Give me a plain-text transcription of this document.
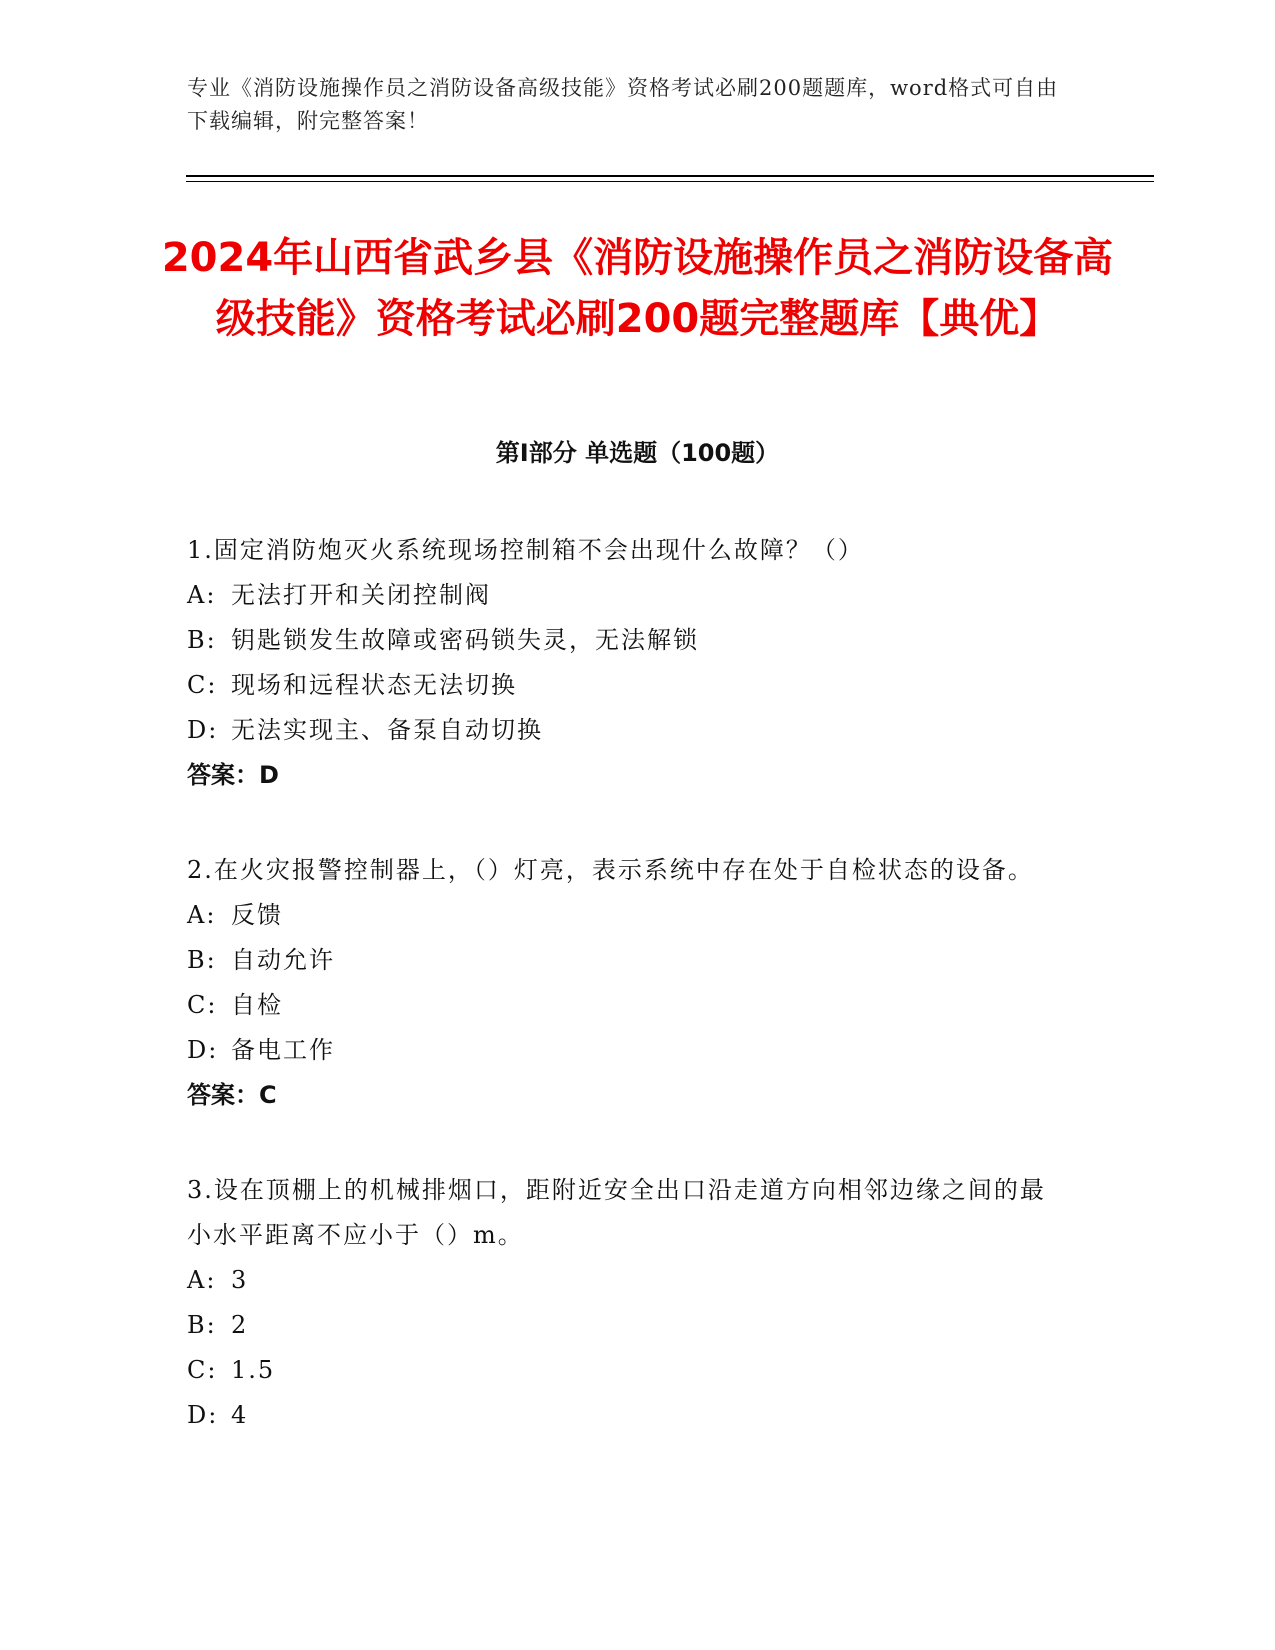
专业《消防设施操作员之消防设备高级技能》资格考试必刷200题题库，word格式可自由下载编辑，附完整答案！
2024年山西省武乡县《消防设施操作员之消防设备高级技能》资格考试必刷200题完整题库【典优】
第Ⅰ部分 单选题（100题）
1.固定消防炮灭火系统现场控制箱不会出现什么故障？（）
A: 无法打开和关闭控制阀
B: 钥匙锁发生故障或密码锁失灵，无法解锁
C: 现场和远程状态无法切换
D: 无法实现主、备泵自动切换
答案：D
2.在火灾报警控制器上，（）灯亮，表示系统中存在处于自检状态的设备。
A: 反馈
B: 自动允许
C: 自检
D: 备电工作
答案：C
3.设在顶棚上的机械排烟口，距附近安全出口沿走道方向相邻边缘之间的最小水平距离不应小于（）m。
A: 3
B: 2
C: 1.5
D: 4
